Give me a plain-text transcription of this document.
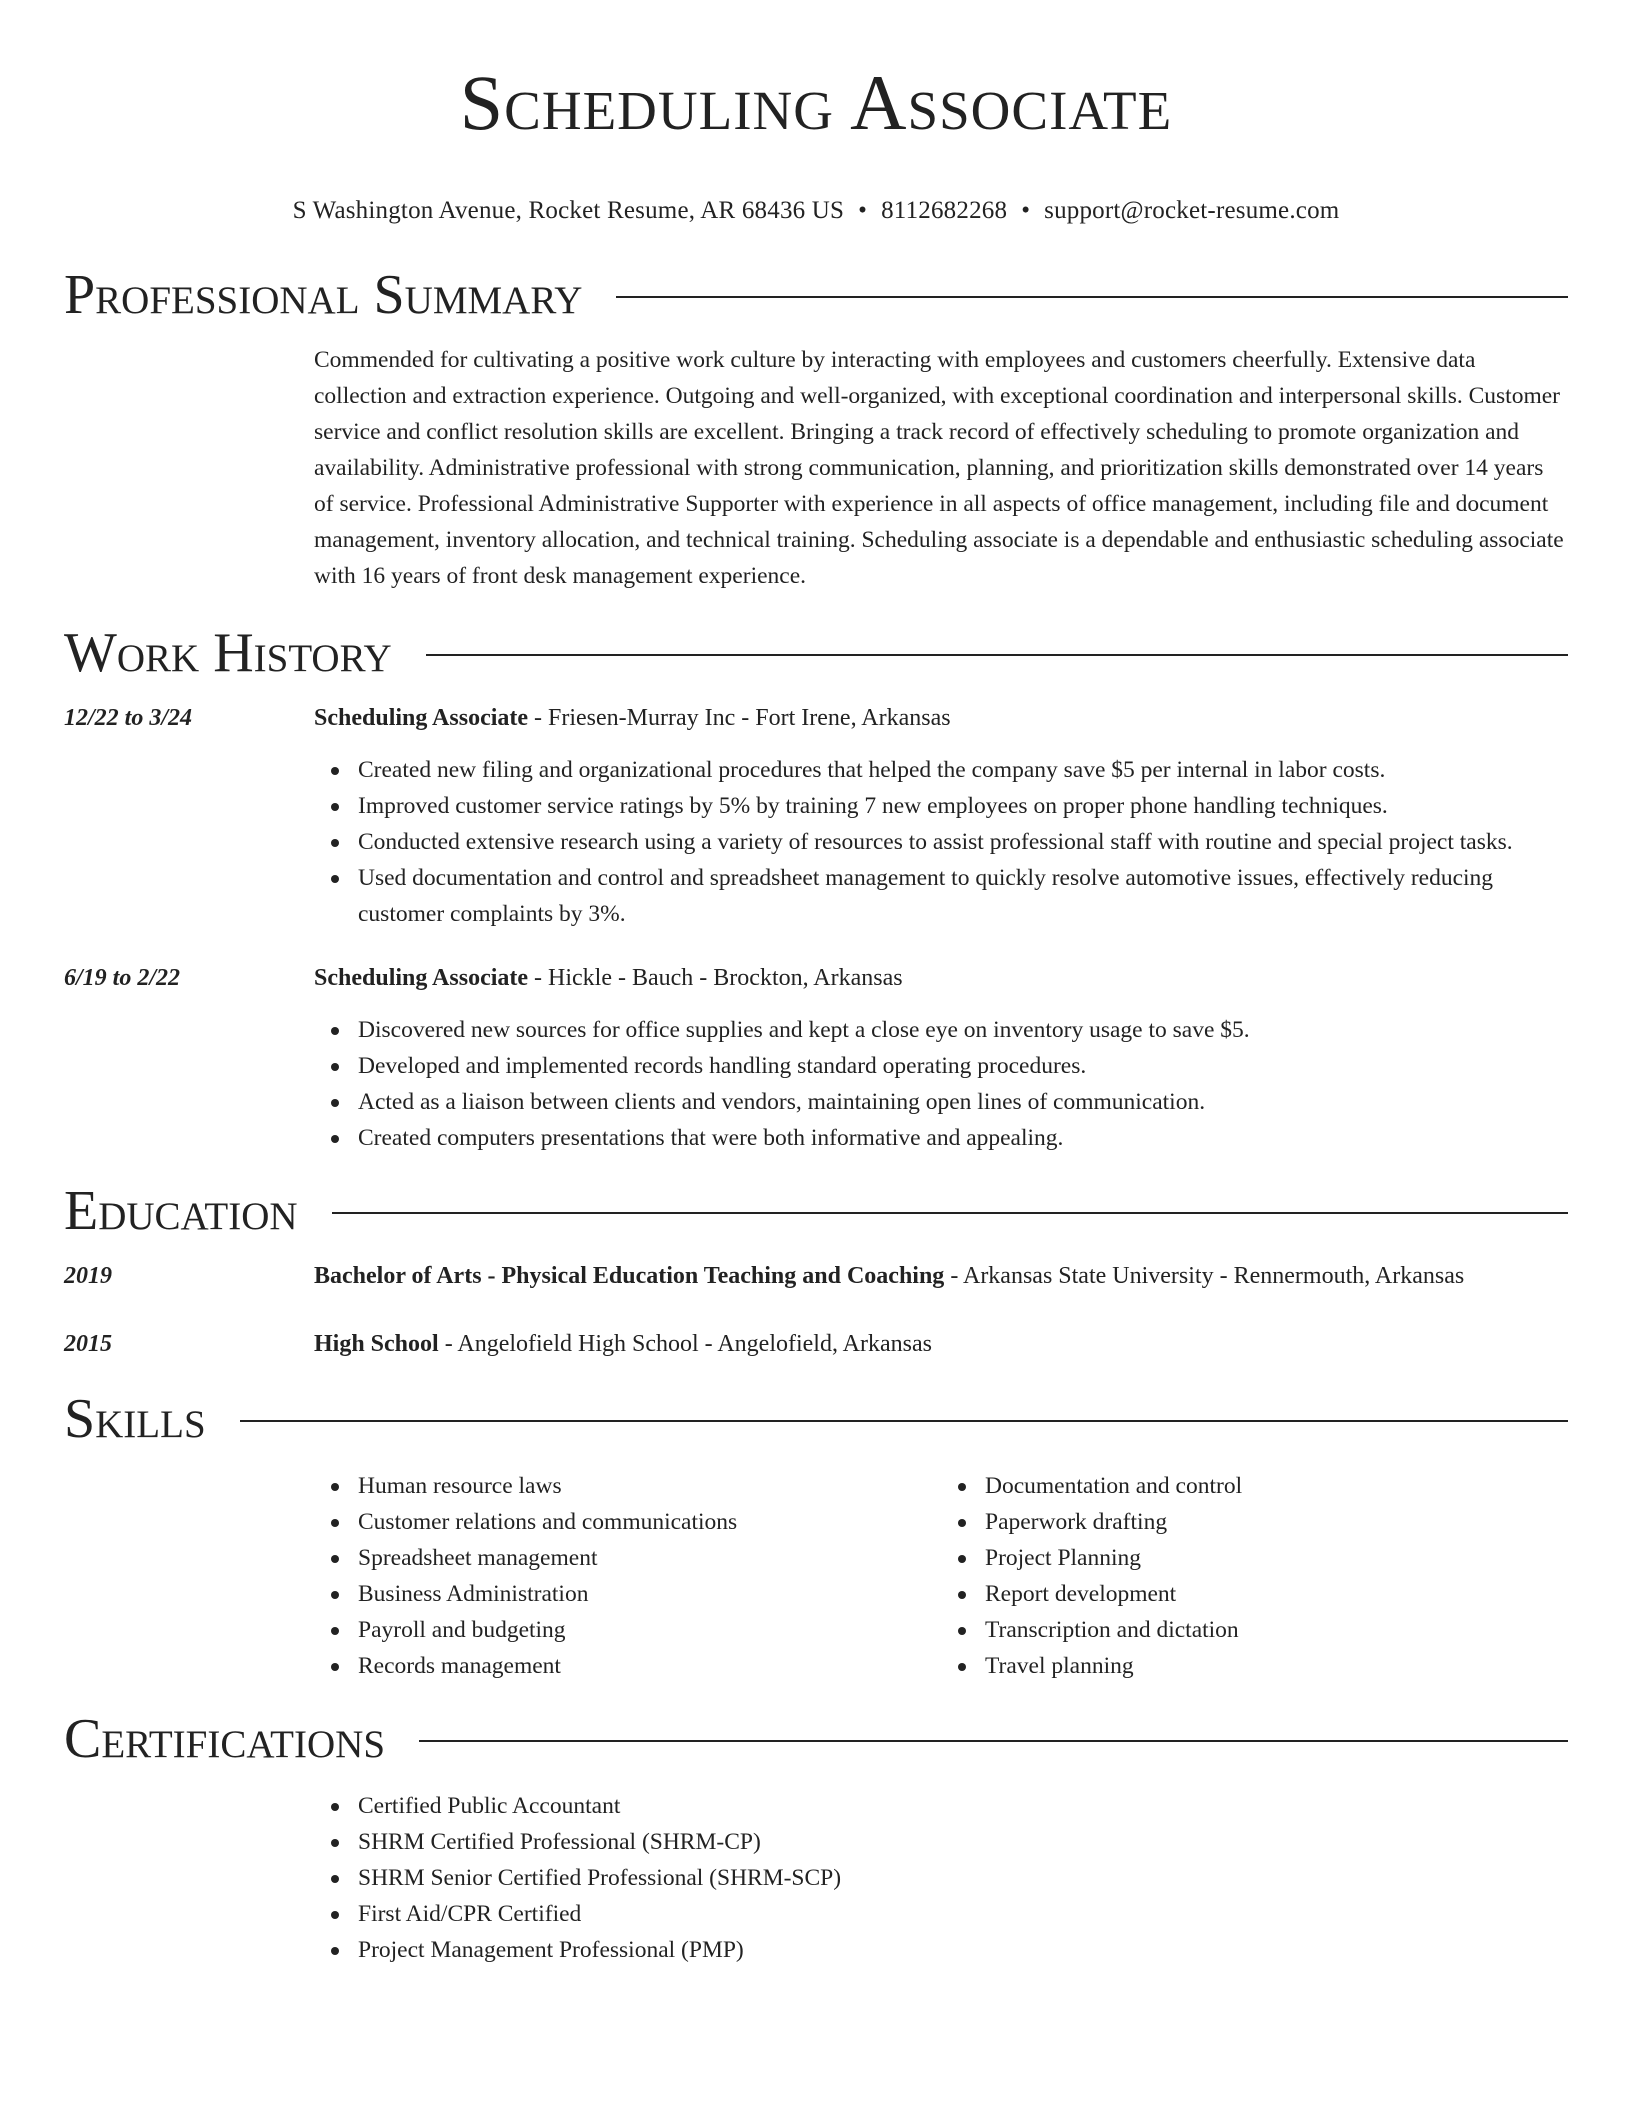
Scheduling Associate
S Washington Avenue, Rocket Resume, AR 68436 US • 8112682268 • support@rocket-resume.com
Professional Summary
Commended for cultivating a positive work culture by interacting with employees and customers cheerfully. Extensive data collection and extraction experience. Outgoing and well-organized, with exceptional coordination and interpersonal skills. Customer service and conflict resolution skills are excellent. Bringing a track record of effectively scheduling to promote organization and availability. Administrative professional with strong communication, planning, and prioritization skills demonstrated over 14 years of service. Professional Administrative Supporter with experience in all aspects of office management, including file and document management, inventory allocation, and technical training. Scheduling associate is a dependable and enthusiastic scheduling associate with 16 years of front desk management experience.
Work History
12/22 to 3/24	Scheduling Associate - Friesen-Murray Inc - Fort Irene, Arkansas
Created new filing and organizational procedures that helped the company save $5 per internal in labor costs.
Improved customer service ratings by 5% by training 7 new employees on proper phone handling techniques.
Conducted extensive research using a variety of resources to assist professional staff with routine and special project tasks.
Used documentation and control and spreadsheet management to quickly resolve automotive issues, effectively reducing customer complaints by 3%.
6/19 to 2/22	Scheduling Associate - Hickle - Bauch - Brockton, Arkansas
Discovered new sources for office supplies and kept a close eye on inventory usage to save $5.
Developed and implemented records handling standard operating procedures.
Acted as a liaison between clients and vendors, maintaining open lines of communication.
Created computers presentations that were both informative and appealing.
Education
2019	Bachelor of Arts - Physical Education Teaching and Coaching - Arkansas State University - Rennermouth, Arkansas
2015	High School - Angelofield High School - Angelofield, Arkansas
Skills
Human resource laws
Customer relations and communications
Spreadsheet management
Business Administration
Payroll and budgeting
Records management
Documentation and control
Paperwork drafting
Project Planning
Report development
Transcription and dictation
Travel planning
Certifications
Certified Public Accountant
SHRM Certified Professional (SHRM-CP)
SHRM Senior Certified Professional (SHRM-SCP)
First Aid/CPR Certified
Project Management Professional (PMP)
